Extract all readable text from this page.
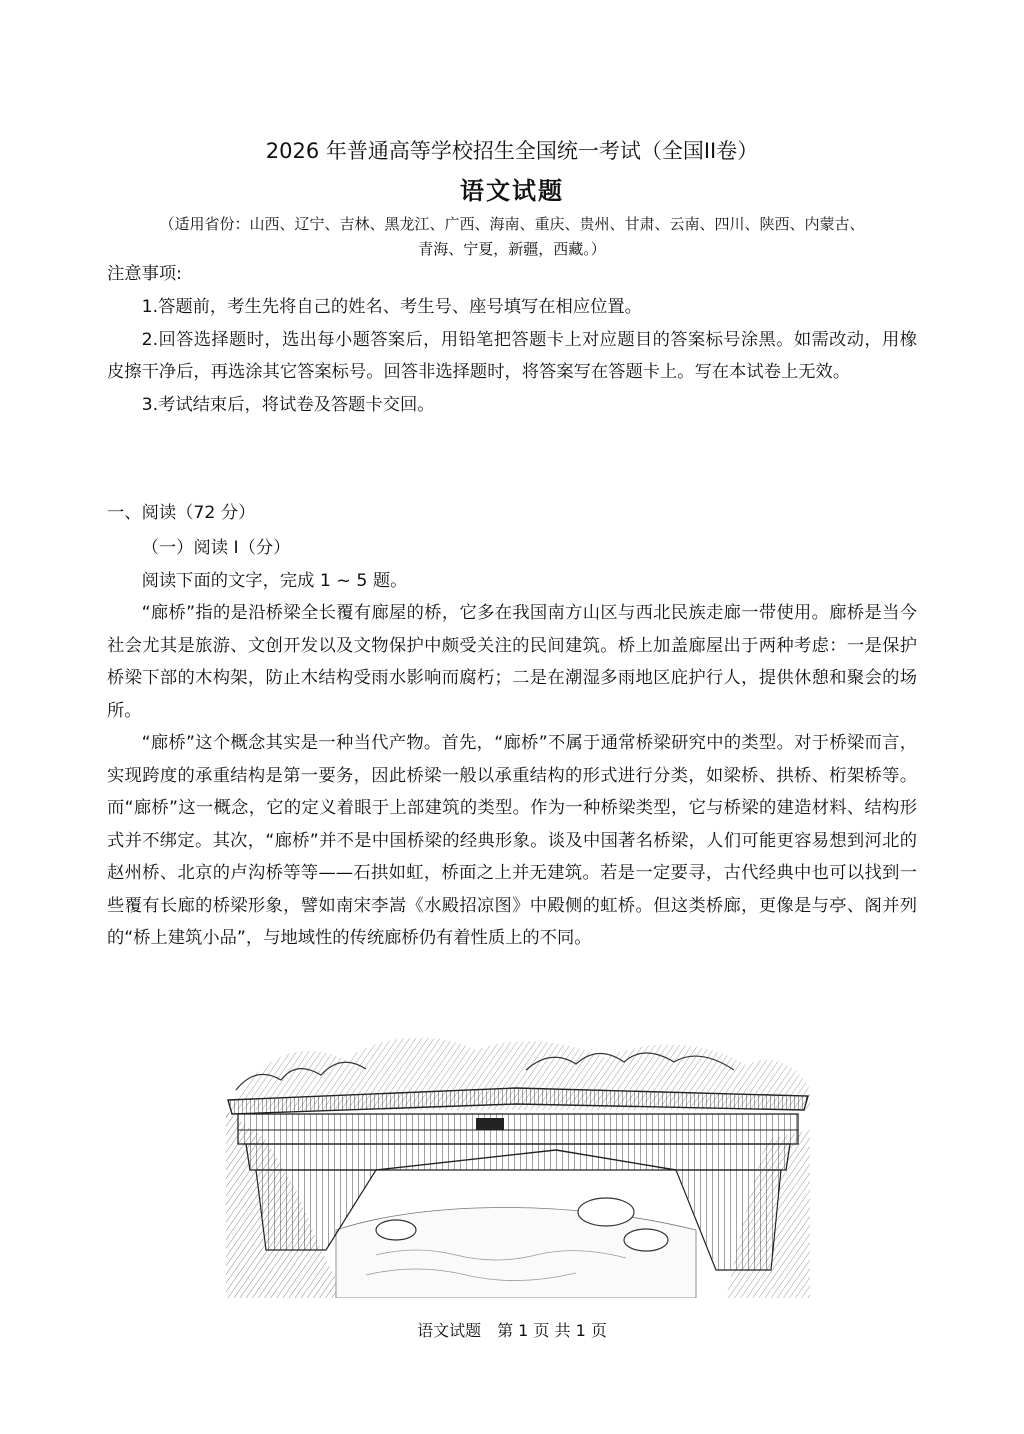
2026 年普通高等学校招生全国统一考试（全国II卷）
语文试题
（适用省份：山西、辽宁、吉林、黑龙江、广西、海南、重庆、贵州、甘肃、云南、四川、陕西、内蒙古、
青海、宁夏，新疆，西藏。）

注意事项:

1.答题前，考生先将自己的姓名、考生号、座号填写在相应位置。

2.回答选择题时，选出每小题答案后，用铅笔把答题卡上对应题目的答案标号涂黑。如需改动，用橡皮擦干净后，再选涂其它答案标号。回答非选择题时，将答案写在答题卡上。写在本试卷上无效。

3.考试结束后，将试卷及答题卡交回。

一、阅读（72 分）

（一）阅读 I（分）

阅读下面的文字，完成 1 ~ 5 题。

“廊桥”指的是沿桥梁全长覆有廊屋的桥，它多在我国南方山区与西北民族走廊一带使用。廊桥是当今社会尤其是旅游、文创开发以及文物保护中颇受关注的民间建筑。桥上加盖廊屋出于两种考虑：一是保护桥梁下部的木构架，防止木结构受雨水影响而腐朽；二是在潮湿多雨地区庇护行人，提供休憩和聚会的场所。

“廊桥”这个概念其实是一种当代产物。首先，“廊桥”不属于通常桥梁研究中的类型。对于桥梁而言，实现跨度的承重结构是第一要务，因此桥梁一般以承重结构的形式进行分类，如梁桥、拱桥、桁架桥等。而“廊桥”这一概念，它的定义着眼于上部建筑的类型。作为一种桥梁类型，它与桥梁的建造材料、结构形式并不绑定。其次，“廊桥”并不是中国桥梁的经典形象。谈及中国著名桥梁，人们可能更容易想到河北的赵州桥、北京的卢沟桥等等——石拱如虹，桥面之上并无建筑。若是一定要寻，古代经典中也可以找到一些覆有长廊的桥梁形象，譬如南宋李嵩《水殿招凉图》中殿侧的虹桥。但这类桥廊，更像是与亭、阁并列的“桥上建筑小品”，与地域性的传统廊桥仍有着性质上的不同。

语文试题　第 1 页 共 1 页
